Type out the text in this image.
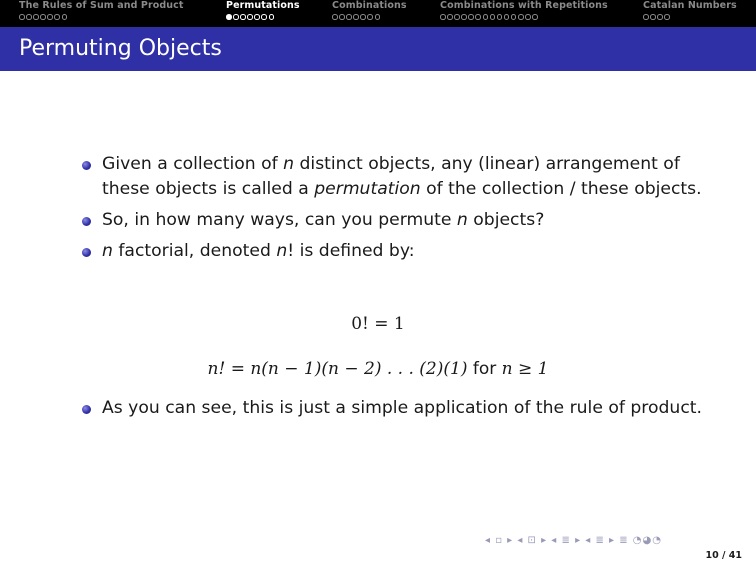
The Rules of Sum and Product	Permutations	Combinations	Combinations with Repetitions	Catalan Numbers
Permuting Objects
Given a collection of n distinct objects, any (linear) arrangement of these objects is called a permutation of the collection / these objects.
So, in how many ways, can you permute n objects?
n factorial, denoted n! is defined by:
0! = 1
n! = n(n − 1)(n − 2) . . . (2)(1) for n ≥ 1
As you can see, this is just a simple application of the rule of product.
◂ ▫ ▸ ◂ ⊡ ▸ ◂ ≣ ▸ ◂ ≣ ▸ ≣ ◔◕◔
10 / 41
